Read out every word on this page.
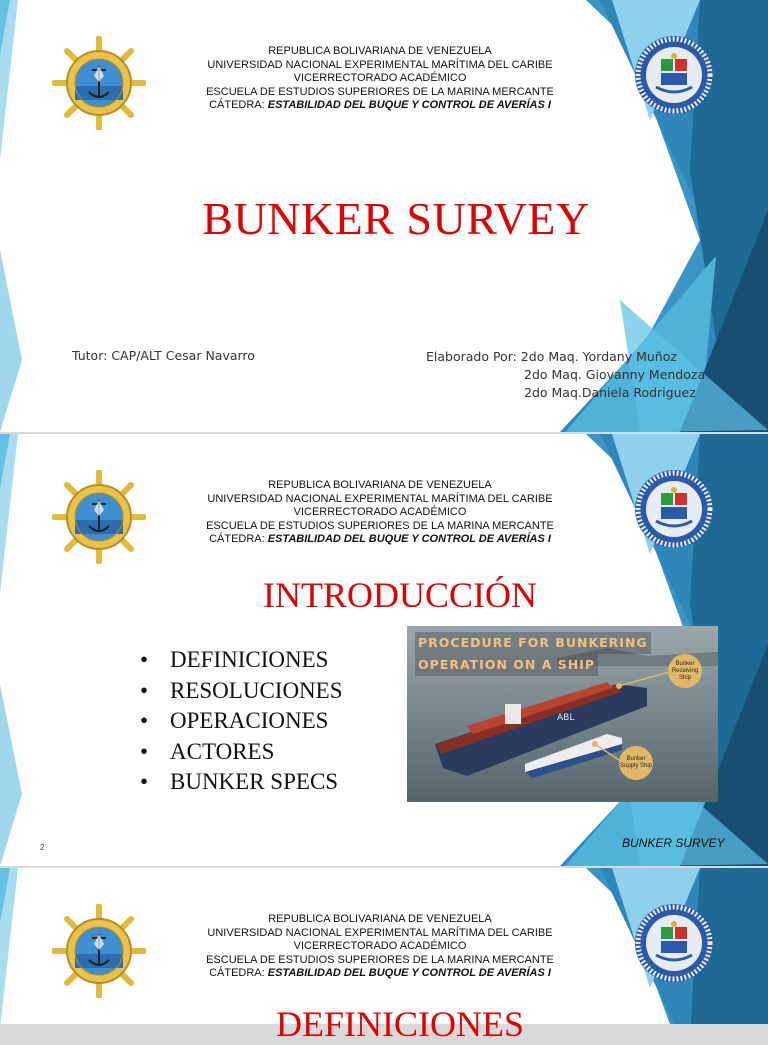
REPUBLICA BOLIVARIANA DE VENEZUELA
UNIVERSIDAD NACIONAL EXPERIMENTAL MARÍTIMA DEL CARIBE
VICERRECTORADO ACADÉMICO
ESCUELA DE ESTUDIOS SUPERIORES DE LA MARINA MERCANTE
CÁTEDRA: ESTABILIDAD DEL BUQUE Y CONTROL DE AVERÍAS I
BUNKER SURVEY
Tutor: CAP/ALT Cesar Navarro	Elaborado Por: 2do Maq. Yordany Muñoz
2do Maq. Giovanny Mendoza
2do Maq.Daniela Rodriguez
REPUBLICA BOLIVARIANA DE VENEZUELA
UNIVERSIDAD NACIONAL EXPERIMENTAL MARÍTIMA DEL CARIBE
VICERRECTORADO ACADÉMICO
ESCUELA DE ESTUDIOS SUPERIORES DE LA MARINA MERCANTE
CÁTEDRA: ESTABILIDAD DEL BUQUE Y CONTROL DE AVERÍAS I
INTRODUCCIÓN
• DEFINICIONES
• RESOLUCIONES
• OPERACIONES
• ACTORES
• BUNKER SPECS
ABL
PROCEDURE FOR BUNKERING
OPERATION ON A SHIP	Bunker Receiving Ship
Bunker Supply Ship
2	BUNKER SURVEY
REPUBLICA BOLIVARIANA DE VENEZUELA
UNIVERSIDAD NACIONAL EXPERIMENTAL MARÍTIMA DEL CARIBE
VICERRECTORADO ACADÉMICO
ESCUELA DE ESTUDIOS SUPERIORES DE LA MARINA MERCANTE
CÁTEDRA: ESTABILIDAD DEL BUQUE Y CONTROL DE AVERÍAS I
DEFINICIONES
